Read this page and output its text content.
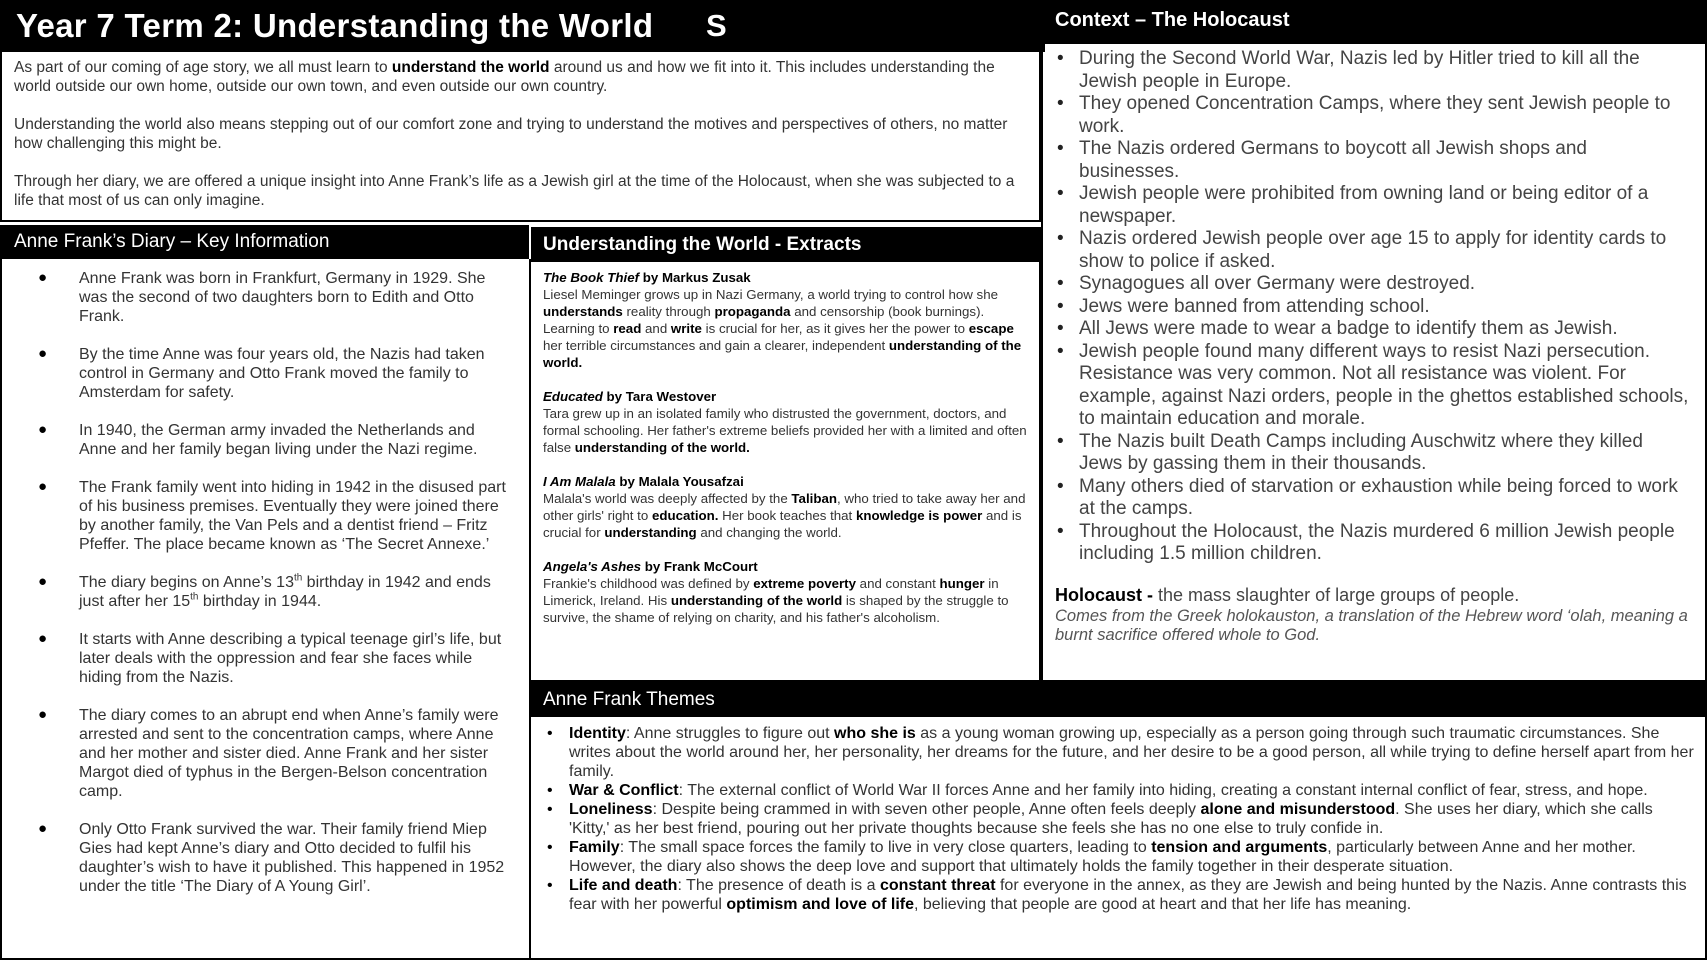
Year 7 Term 2: Understanding the World S

As part of our coming of age story, we all must learn to understand the world around us and how we fit into it. This includes understanding the world outside our own home, outside our own town, and even outside our own country.

Understanding the world also means stepping out of our comfort zone and trying to understand the motives and perspectives of others, no matter how challenging this might be.

Through her diary, we are offered a unique insight into Anne Frank’s life as a Jewish girl at the time of the Holocaust, when she was subjected to a life that most of us can only imagine.

Context – The Holocaust
• During the Second World War, Nazis led by Hitler tried to kill all the Jewish people in Europe.
• They opened Concentration Camps, where they sent Jewish people to work.
• The Nazis ordered Germans to boycott all Jewish shops and businesses.
• Jewish people were prohibited from owning land or being editor of a newspaper.
• Nazis ordered Jewish people over age 15 to apply for identity cards to show to police if asked.
• Synagogues all over Germany were destroyed.
• Jews were banned from attending school.
• All Jews were made to wear a badge to identify them as Jewish.
• Jewish people found many different ways to resist Nazi persecution. Resistance was very common. Not all resistance was violent. For example, against Nazi orders, people in the ghettos established schools, to maintain education and morale.
• The Nazis built Death Camps including Auschwitz where they killed Jews by gassing them in their thousands.
• Many others died of starvation or exhaustion while being forced to work at the camps.
• Throughout the Holocaust, the Nazis murdered 6 million Jewish people including 1.5 million children.

Holocaust - the mass slaughter of large groups of people.

Comes from the Greek holokauston, a translation of the Hebrew word ‘olah, meaning a burnt sacrifice offered whole to God.

Anne Frank’s Diary – Key Information
● Anne Frank was born in Frankfurt, Germany in 1929. She was the second of two daughters born to Edith and Otto Frank.
● By the time Anne was four years old, the Nazis had taken control in Germany and Otto Frank moved the family to Amsterdam for safety.
● In 1940, the German army invaded the Netherlands and Anne and her family began living under the Nazi regime.
● The Frank family went into hiding in 1942 in the disused part of his business premises. Eventually they were joined there by another family, the Van Pels and a dentist friend – Fritz Pfeffer. The place became known as ‘The Secret Annexe.’
● The diary begins on Anne’s 13th birthday in 1942 and ends just after her 15th birthday in 1944.
● It starts with Anne describing a typical teenage girl’s life, but later deals with the oppression and fear she faces while hiding from the Nazis.
● The diary comes to an abrupt end when Anne’s family were arrested and sent to the concentration camps, where Anne and her mother and sister died. Anne Frank and her sister Margot died of typhus in the Bergen-Belson concentration camp.
● Only Otto Frank survived the war. Their family friend Miep Gies had kept Anne’s diary and Otto decided to fulfil his daughter’s wish to have it published. This happened in 1952 under the title ‘The Diary of A Young Girl’.
Understanding the World - Extracts
The Book Thief by Markus Zusak
Liesel Meminger grows up in Nazi Germany, a world trying to control how she understands reality through propaganda and censorship (book burnings). Learning to read and write is crucial for her, as it gives her the power to escape her terrible circumstances and gain a clearer, independent understanding of the world.
Educated by Tara Westover
Tara grew up in an isolated family who distrusted the government, doctors, and formal schooling. Her father's extreme beliefs provided her with a limited and often false understanding of the world.
I Am Malala by Malala Yousafzai
Malala's world was deeply affected by the Taliban, who tried to take away her and other girls' right to education. Her book teaches that knowledge is power and is crucial for understanding and changing the world.
Angela's Ashes by Frank McCourt
Frankie's childhood was defined by extreme poverty and constant hunger in Limerick, Ireland. His understanding of the world is shaped by the struggle to survive, the shame of relying on charity, and his father's alcoholism.
Anne Frank Themes
• Identity: Anne struggles to figure out who she is as a young woman growing up, especially as a person going through such traumatic circumstances. She writes about the world around her, her personality, her dreams for the future, and her desire to be a good person, all while trying to define herself apart from her family.
• War & Conflict: The external conflict of World War II forces Anne and her family into hiding, creating a constant internal conflict of fear, stress, and hope.
• Loneliness: Despite being crammed in with seven other people, Anne often feels deeply alone and misunderstood. She uses her diary, which she calls 'Kitty,' as her best friend, pouring out her private thoughts because she feels she has no one else to truly confide in.
• Family: The small space forces the family to live in very close quarters, leading to tension and arguments, particularly between Anne and her mother. However, the diary also shows the deep love and support that ultimately holds the family together in their desperate situation.
• Life and death: The presence of death is a constant threat for everyone in the annex, as they are Jewish and being hunted by the Nazis. Anne contrasts this fear with her powerful optimism and love of life, believing that people are good at heart and that her life has meaning.
